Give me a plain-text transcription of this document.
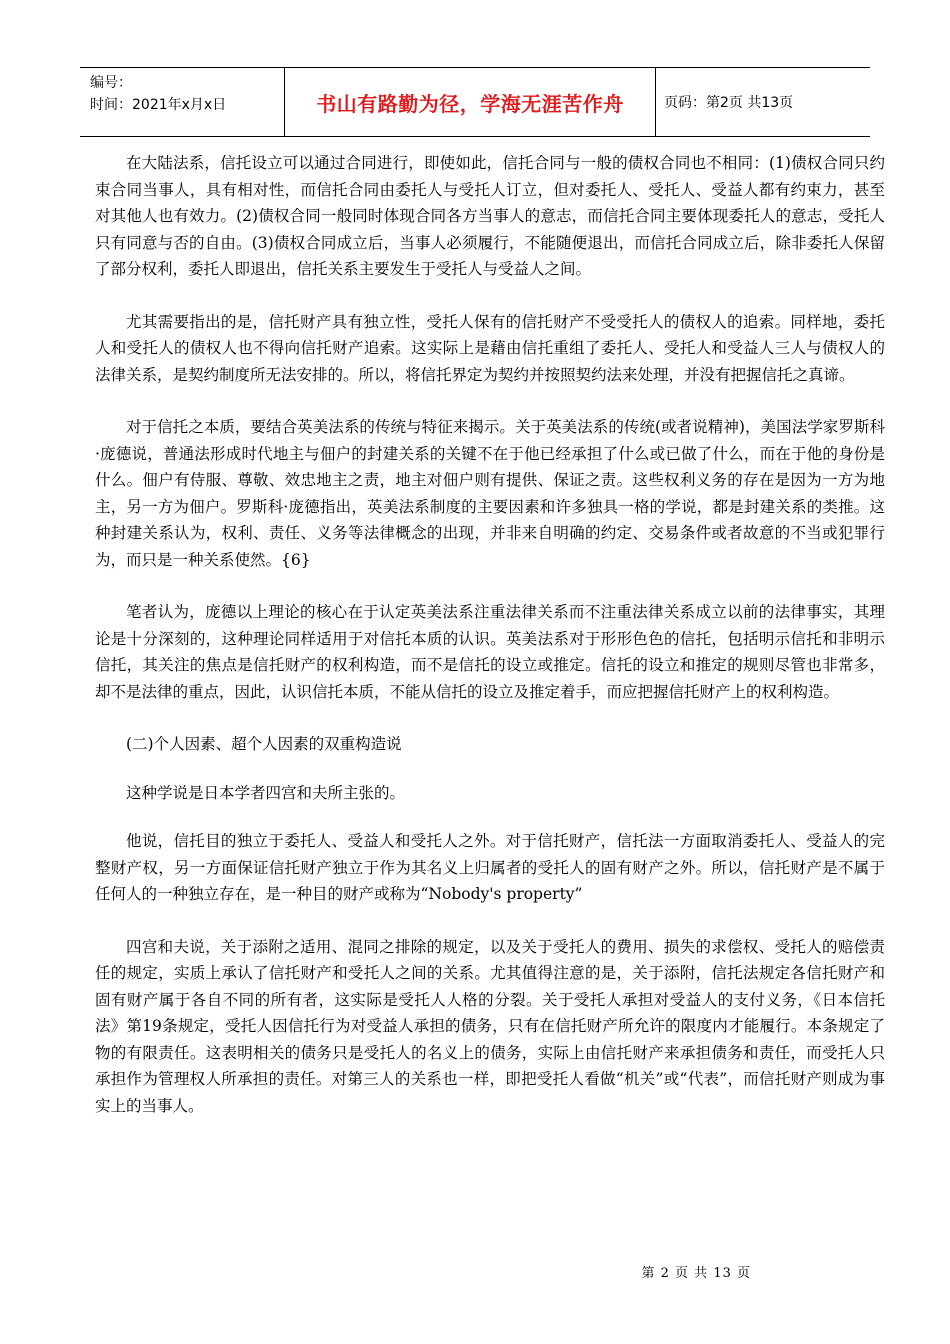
编号：
时间：2021年x月x日	书山有路勤为径，学海无涯苦作舟	页码：第2页 共13页

在大陆法系，信托设立可以通过合同进行，即使如此，信托合同与一般的债权合同也不相同：(1)债权合同只约束合同当事人，具有相对性，而信托合同由委托人与受托人订立，但对委托人、受托人、受益人都有约束力，甚至对其他人也有效力。(2)债权合同一般同时体现合同各方当事人的意志，而信托合同主要体现委托人的意志，受托人只有同意与否的自由。(3)债权合同成立后，当事人必须履行，不能随便退出，而信托合同成立后，除非委托人保留了部分权利，委托人即退出，信托关系主要发生于受托人与受益人之间。

尤其需要指出的是，信托财产具有独立性，受托人保有的信托财产不受受托人的债权人的追索。同样地，委托人和受托人的债权人也不得向信托财产追索。这实际上是藉由信托重组了委托人、受托人和受益人三人与债权人的法律关系，是契约制度所无法安排的。所以，将信托界定为契约并按照契约法来处理，并没有把握信托之真谛。

对于信托之本质，要结合英美法系的传统与特征来揭示。关于英美法系的传统(或者说精神)，美国法学家罗斯科·庞德说，普通法形成时代地主与佃户的封建关系的关键不在于他已经承担了什么或已做了什么，而在于他的身份是什么。佃户有侍服、尊敬、效忠地主之责，地主对佃户则有提供、保证之责。这些权利义务的存在是因为一方为地主，另一方为佃户。罗斯科·庞德指出，英美法系制度的主要因素和许多独具一格的学说，都是封建关系的类推。这种封建关系认为，权利、责任、义务等法律概念的出现，并非来自明确的约定、交易条件或者故意的不当或犯罪行为，而只是一种关系使然。{6}

笔者认为，庞德以上理论的核心在于认定英美法系注重法律关系而不注重法律关系成立以前的法律事实，其理论是十分深刻的，这种理论同样适用于对信托本质的认识。英美法系对于形形色色的信托，包括明示信托和非明示信托，其关注的焦点是信托财产的权利构造，而不是信托的设立或推定。信托的设立和推定的规则尽管也非常多，却不是法律的重点，因此，认识信托本质，不能从信托的设立及推定着手，而应把握信托财产上的权利构造。

(二)个人因素、超个人因素的双重构造说

这种学说是日本学者四宫和夫所主张的。

他说，信托目的独立于委托人、受益人和受托人之外。对于信托财产，信托法一方面取消委托人、受益人的完整财产权，另一方面保证信托财产独立于作为其名义上归属者的受托人的固有财产之外。所以，信托财产是不属于任何人的一种独立存在，是一种目的财产或称为“Nobody's property”

四宫和夫说，关于添附之适用、混同之排除的规定，以及关于受托人的费用、损失的求偿权、受托人的赔偿责任的规定，实质上承认了信托财产和受托人之间的关系。尤其值得注意的是，关于添附，信托法规定各信托财产和固有财产属于各自不同的所有者，这实际是受托人人格的分裂。关于受托人承担对受益人的支付义务，《日本信托法》第19条规定，受托人因信托行为对受益人承担的债务，只有在信托财产所允许的限度内才能履行。本条规定了物的有限责任。这表明相关的债务只是受托人的名义上的债务，实际上由信托财产来承担债务和责任，而受托人只承担作为管理权人所承担的责任。对第三人的关系也一样，即把受托人看做“机关”或“代表”，而信托财产则成为事实上的当事人。

第 2 页 共 13 页
